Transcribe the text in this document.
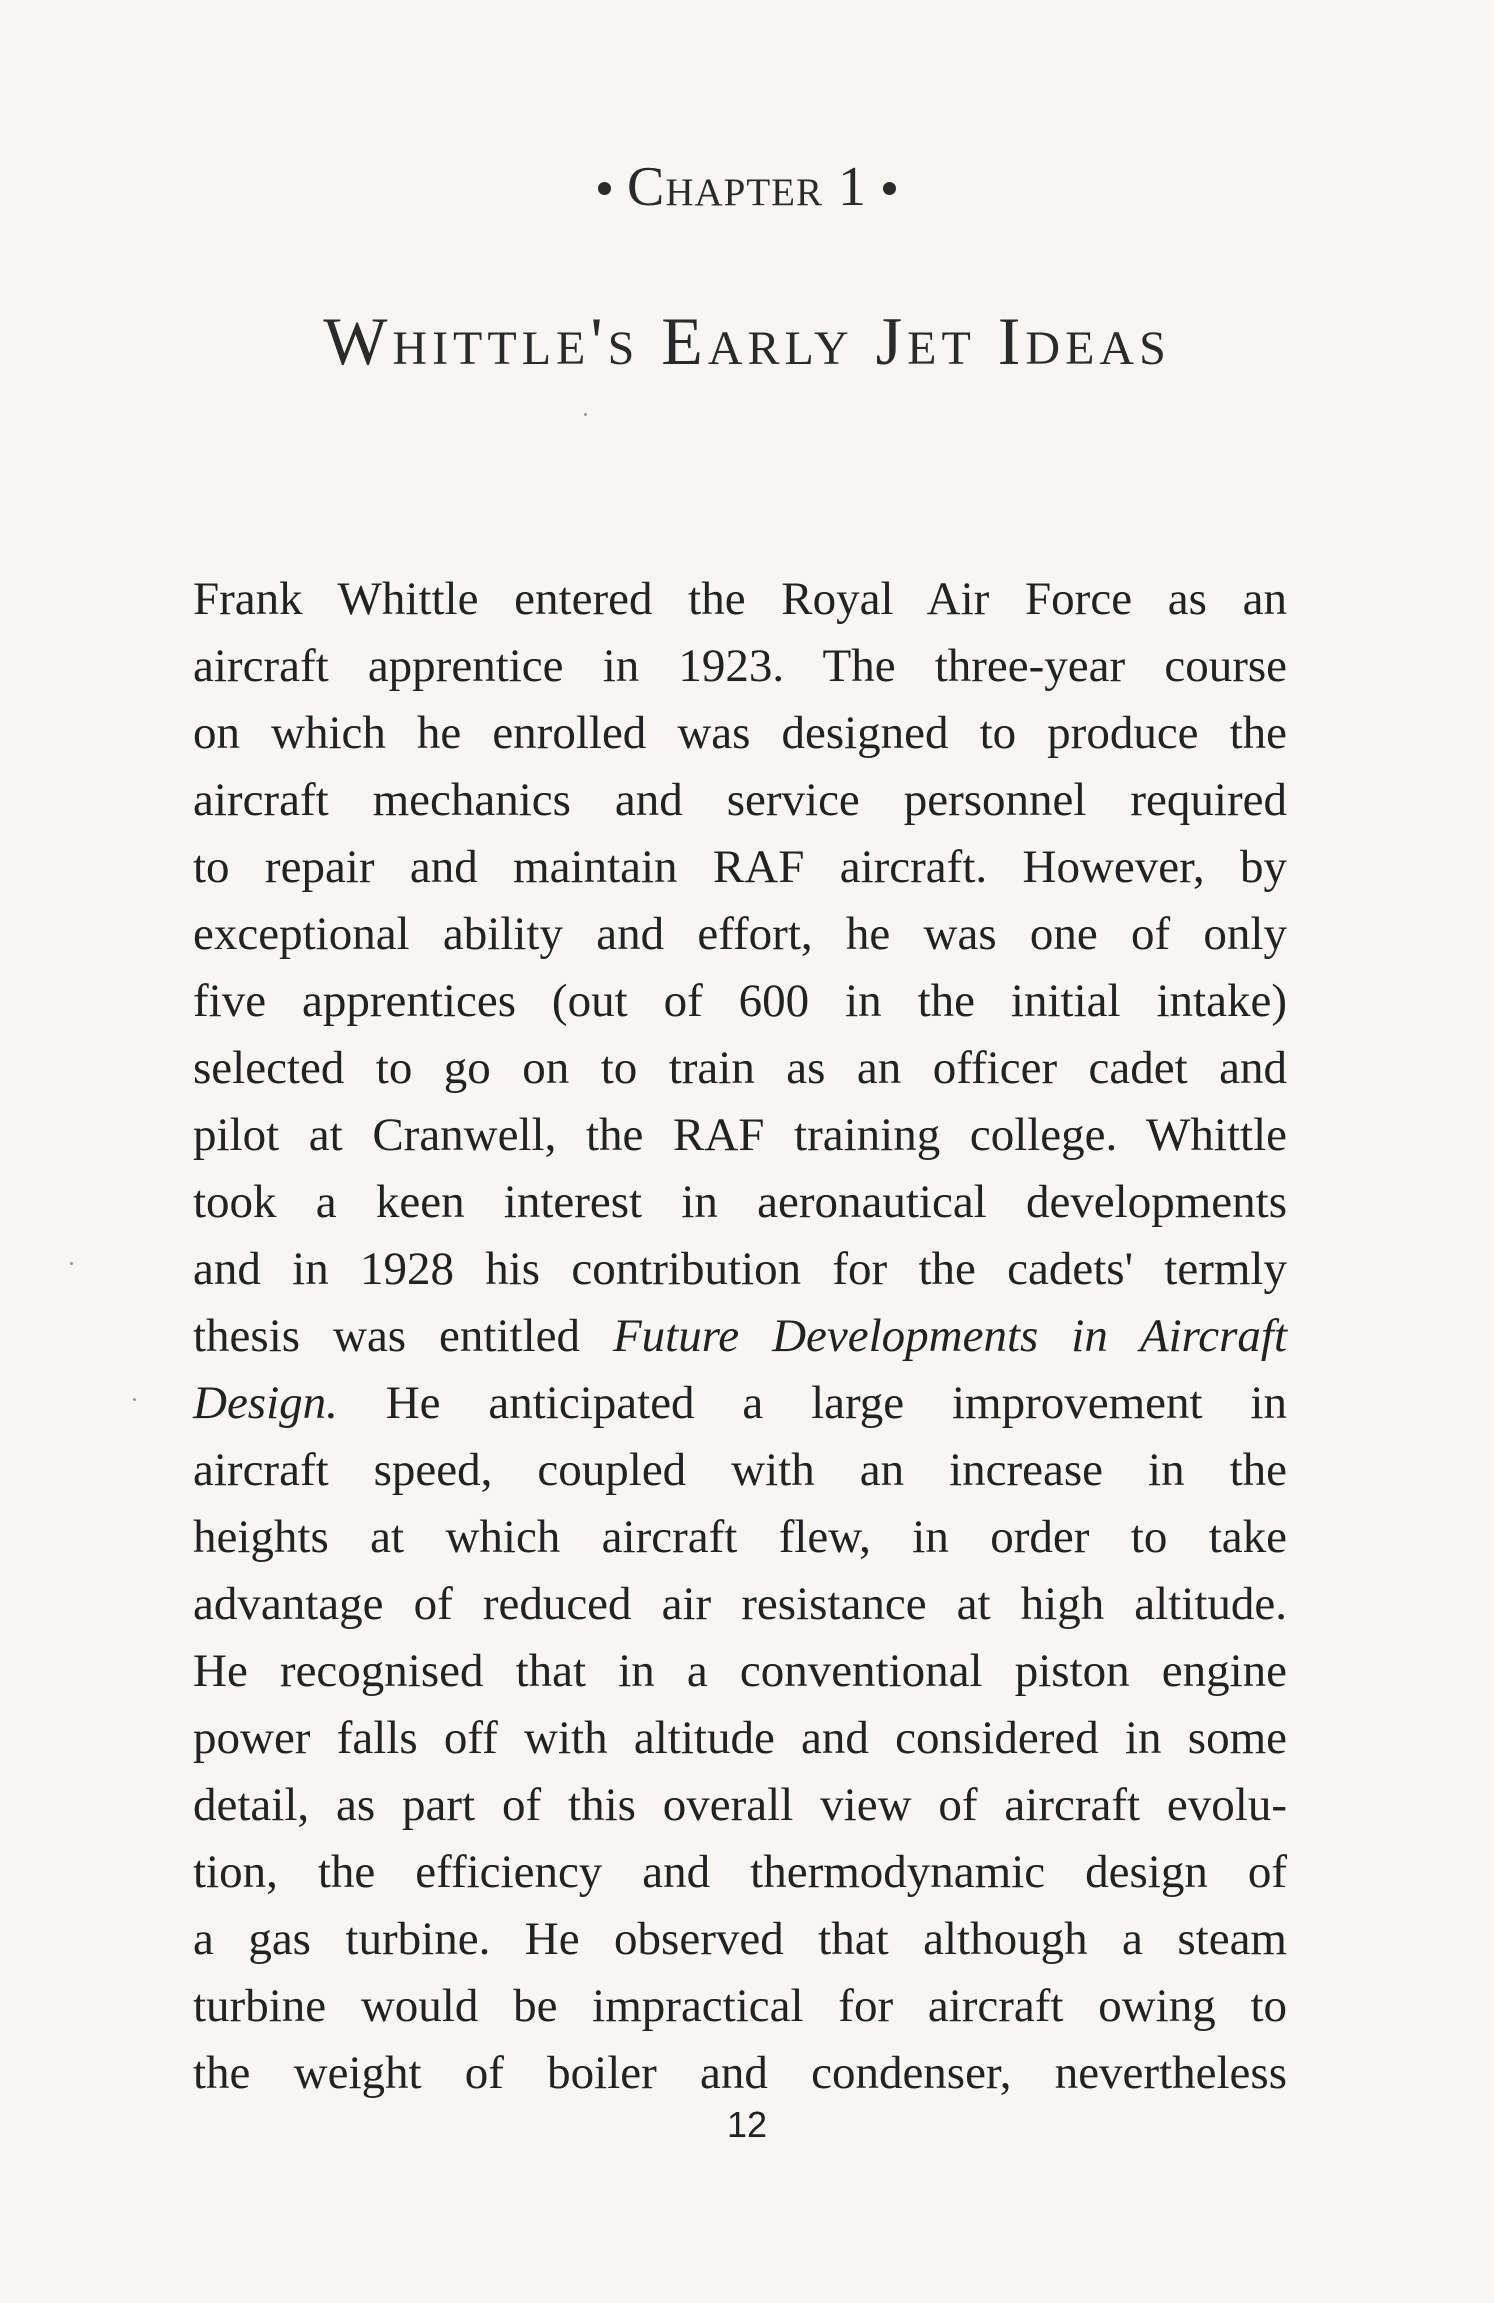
Chapter 1
Whittle's Early Jet Ideas
Frank Whittle entered the Royal Air Force as an
aircraft apprentice in 1923. The three-year course
on which he enrolled was designed to produce the
aircraft mechanics and service personnel required
to repair and maintain RAF aircraft. However, by
exceptional ability and effort, he was one of only
five apprentices (out of 600 in the initial intake)
selected to go on to train as an officer cadet and
pilot at Cranwell, the RAF training college. Whittle
took a keen interest in aeronautical developments
and in 1928 his contribution for the cadets' termly
thesis was entitled Future Developments in Aircraft
Design. He anticipated a large improvement in
aircraft speed, coupled with an increase in the
heights at which aircraft flew, in order to take
advantage of reduced air resistance at high altitude.
He recognised that in a conventional piston engine
power falls off with altitude and considered in some
detail, as part of this overall view of aircraft evolu-
tion, the efficiency and thermodynamic design of
a gas turbine. He observed that although a steam
turbine would be impractical for aircraft owing to
the weight of boiler and condenser, nevertheless
12
